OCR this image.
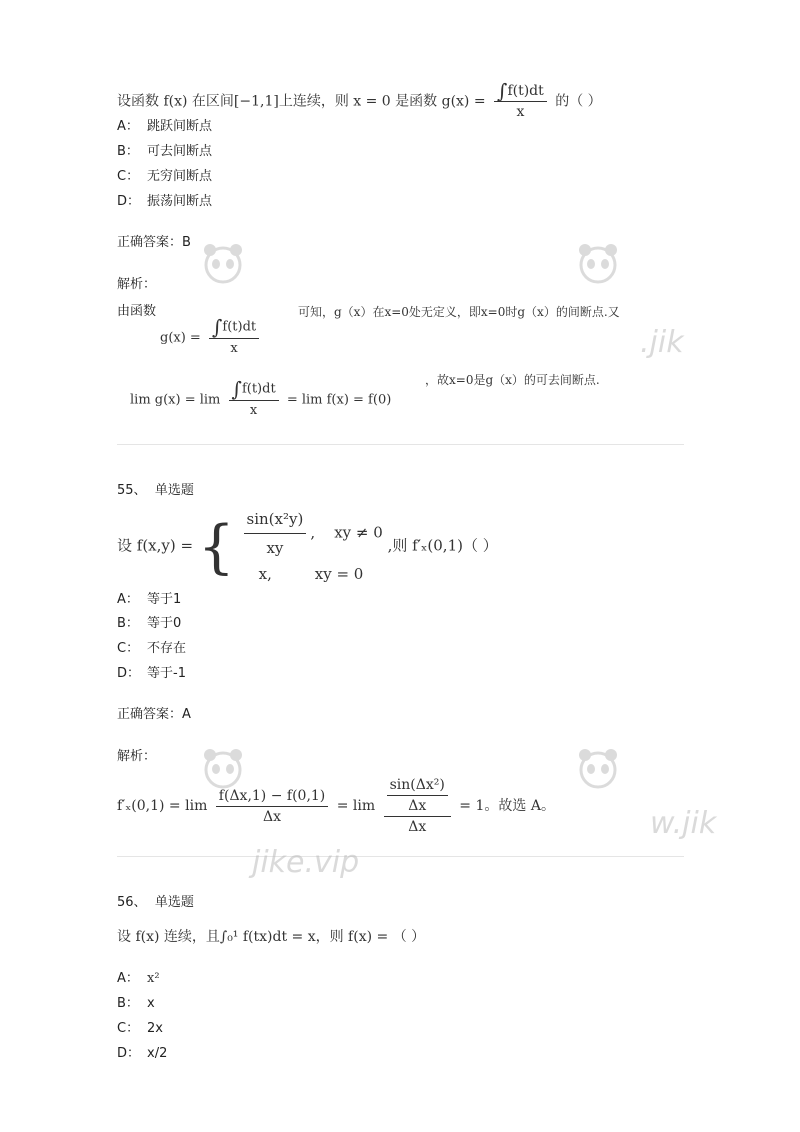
设函数 f(x) 在区间[−1,1]上连续，则 x = 0 是函数 $g(x) = \frac{\int f(t)dt}{x}$ 的（ ）
A： 跳跃间断点
B： 可去间断点
C： 无穷间断点
D： 振荡间断点
正确答案：B
解析：
由函数	可知，g（x）在x=0处无定义，即x=0时g（x）的间断点.又
$g(x) = \frac{\int f(t)dt}{x}$
$\lim g(x) = \lim \frac{\int f(t)dt}{x} = \lim f(x) = f(0)$
，故x=0是g（x）的可去间断点.
55、 单选题
设 f(x,y) = { $\frac{\text{sin(x²y)}}{xy}$ ,    xy ≠ 0
x,	xy = 0
,则 f′ₓ(0,1)（ ）
A： 等于1
B： 等于0
C： 不存在
D： 等于-1
正确答案：A
解析：
$f'_x(0,1) = \lim \frac{f(\Delta x,1) - f(0,1)}{\Delta x} = \lim \frac{\frac{\text{sin(Δx²)}}{\Delta x}}{\Delta x} = 1$。故选 A。
56、 单选题
设 f(x) 连续，且∫₀¹ f(tx)dt = x，则 f(x) = （ ）
A： x²
B： x
C： 2x
D： x/2
jike.vip
.jik
w.jik
